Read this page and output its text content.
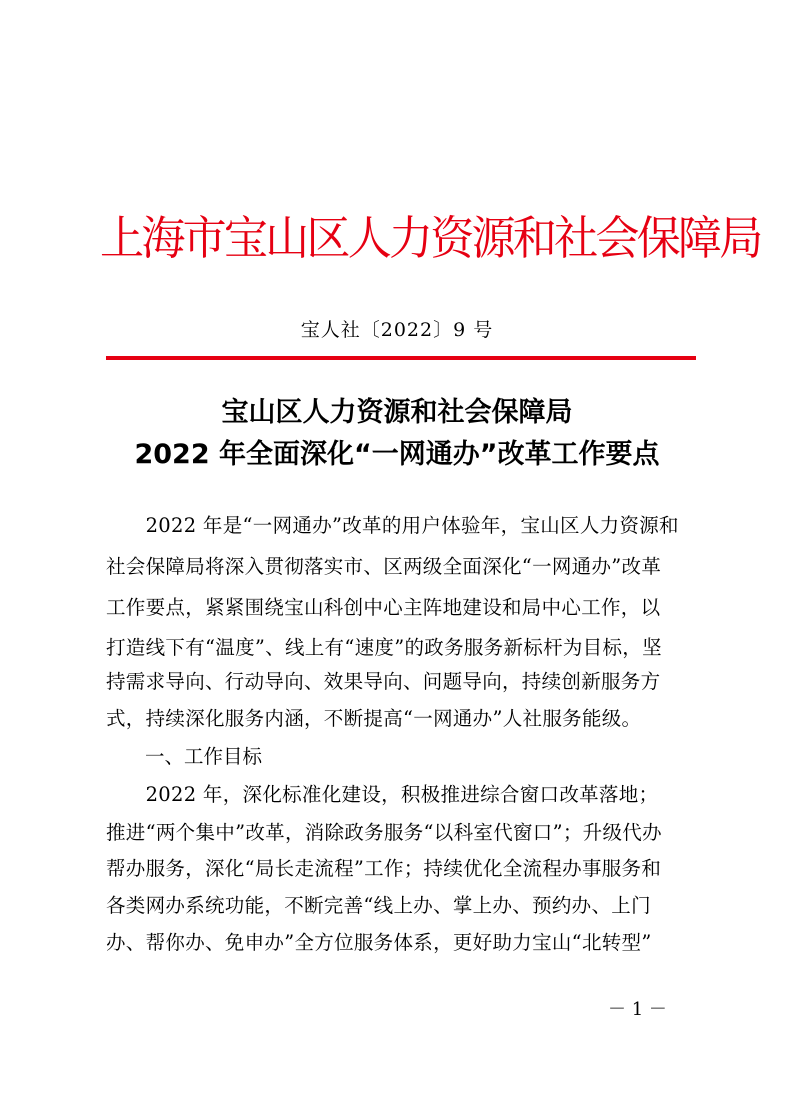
上海市宝山区人力资源和社会保障局
宝人社〔2022〕9 号
宝山区人力资源和社会保障局
2022 年全面深化“一网通办”改革工作要点
　　2022 年是“一网通办”改革的用户体验年，宝山区人力资源和
社会保障局将深入贯彻落实市、区两级全面深化“一网通办”改革
工作要点，紧紧围绕宝山科创中心主阵地建设和局中心工作，以
打造线下有“温度”、线上有“速度”的政务服务新标杆为目标，坚
持需求导向、行动导向、效果导向、问题导向，持续创新服务方
式，持续深化服务内涵，不断提高“一网通办”人社服务能级。
一、工作目标
　　2022 年，深化标准化建设，积极推进综合窗口改革落地；
推进“两个集中”改革，消除政务服务“以科室代窗口”；升级代办
帮办服务，深化“局长走流程”工作；持续优化全流程办事服务和
各类网办系统功能，不断完善“线上办、掌上办、预约办、上门
办、帮你办、免申办”全方位服务体系，更好助力宝山“北转型”
－ 1 －
